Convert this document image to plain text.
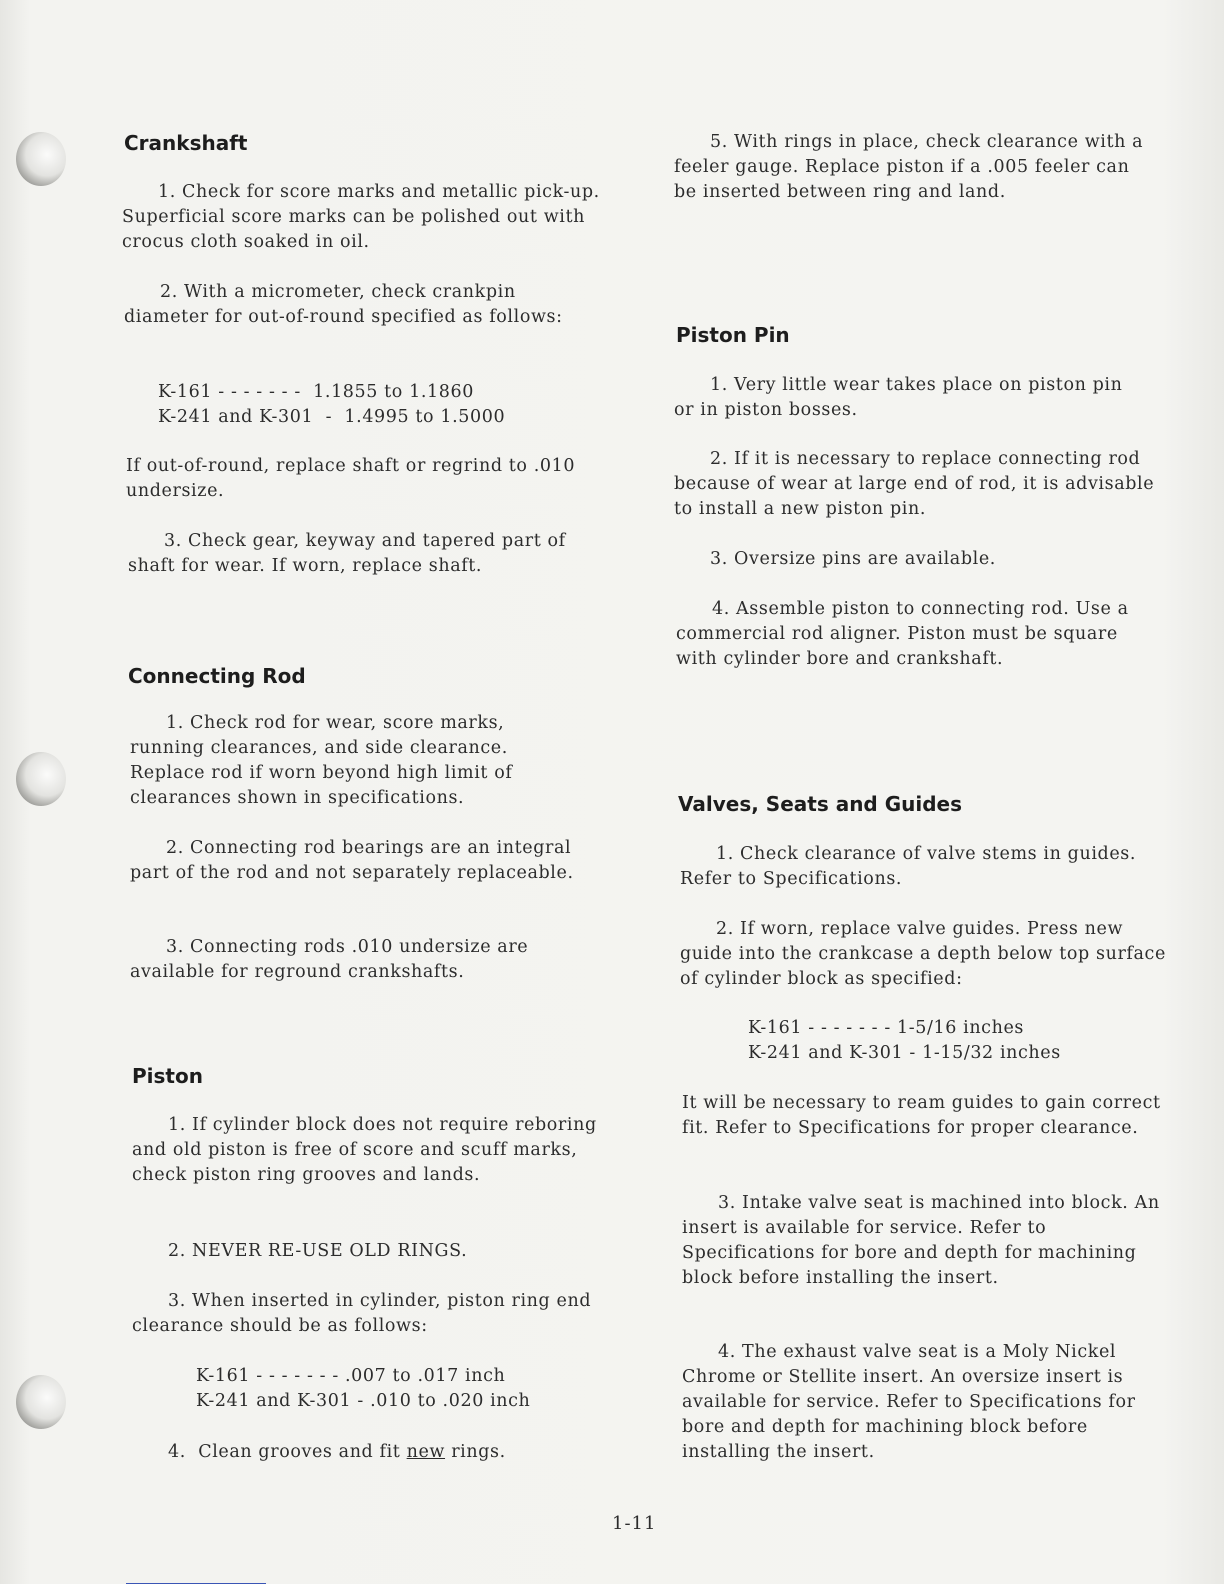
Crankshaft

1. Check for score marks and metallic pick-up. Superficial score marks can be polished out with crocus cloth soaked in oil.

2. With a micrometer, check crankpin diameter for out-of-round specified as follows:

K-161 - - - - - - -  1.1855 to 1.1860
K-241 and K-301  -  1.4995 to 1.5000

If out-of-round, replace shaft or regrind to .010 undersize.

3. Check gear, keyway and tapered part of shaft for wear. If worn, replace shaft.

Connecting Rod

1. Check rod for wear, score marks, running clearances, and side clearance. Replace rod if worn beyond high limit of clearances shown in specifications.

2. Connecting rod bearings are an integral part of the rod and not separately replaceable.

3. Connecting rods .010 undersize are available for reground crankshafts.

Piston

1. If cylinder block does not require reboring and old piston is free of score and scuff marks, check piston ring grooves and lands.

2. NEVER RE-USE OLD RINGS.

3. When inserted in cylinder, piston ring end clearance should be as follows:

K-161 - - - - - - - .007 to .017 inch
K-241 and K-301 - .010 to .020 inch

4.  Clean grooves and fit new rings.

5. With rings in place, check clearance with a feeler gauge. Replace piston if a .005 feeler can be inserted between ring and land.

Piston Pin

1. Very little wear takes place on piston pin or in piston bosses.

2. If it is necessary to replace connecting rod because of wear at large end of rod, it is advisable to install a new piston pin.

3. Oversize pins are available.

4. Assemble piston to connecting rod. Use a commercial rod aligner. Piston must be square with cylinder bore and crankshaft.

Valves, Seats and Guides

1. Check clearance of valve stems in guides. Refer to Specifications.

2. If worn, replace valve guides. Press new guide into the crankcase a depth below top surface of cylinder block as specified:

K-161 - - - - - - - 1-5/16 inches
K-241 and K-301 - 1-15/32 inches

It will be necessary to ream guides to gain correct fit. Refer to Specifications for proper clearance.

3. Intake valve seat is machined into block. An insert is available for service. Refer to Specifications for bore and depth for machining block before installing the insert.

4. The exhaust valve seat is a Moly Nickel Chrome or Stellite insert. An oversize insert is available for service. Refer to Specifications for bore and depth for machining block before installing the insert.

1-11
